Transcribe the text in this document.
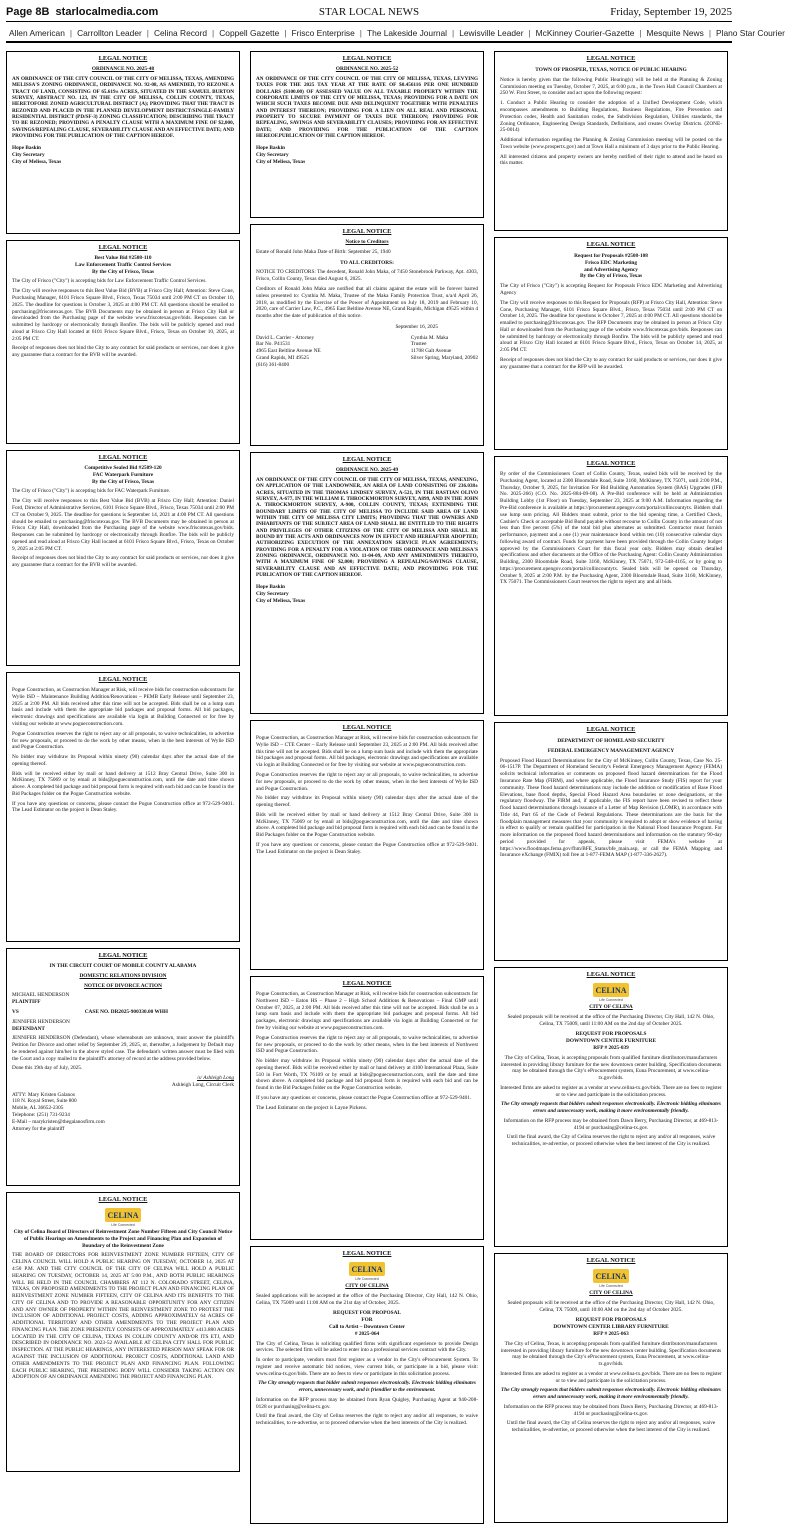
Page 8B starlocalmedia.com	STAR LOCAL NEWS	Friday, September 19, 2025
Allen American | Carrollton Leader | Celina Record | Coppell Gazette | Frisco Enterprise | The Lakeside Journal | Lewisville Leader | McKinney Courier-Gazette | Mesquite News | Plano Star Courier
LEGAL NOTICE
ORDINANCE NO. 2025-48
AN ORDINANCE OF THE CITY COUNCIL OF THE CITY OF MELISSA, TEXAS, AMENDING MELISSA'S ZONING ORDINANCE, ORDINANCE NO. 92-08, AS AMENDED, TO REZONE A TRACT OF LAND, CONSISTING OF 65.619± ACRES, SITUATED IN THE SAMUEL BURTON SURVEY, ABSTRACT NO. 123, IN THE CITY OF MELISSA, COLLIN COUNTY, TEXAS, HERETOFORE ZONED AGRICULTURAL DISTRICT (A); PROVIDING THAT THE TRACT IS REZONED AND PLACED IN THE PLANNED DEVELOPMENT DISTRICT/SINGLE-FAMILY RESIDENTIAL DISTRICT (PD/SF-3) ZONING CLASSIFICATION; DESCRIBING THE TRACT TO BE REZONED; PROVIDING A PENALTY CLAUSE WITH A MAXIMUM FINE OF $2,000, SAVINGS/REPEALING CLAUSE, SEVERABILITY CLAUSE AND AN EFFECTIVE DATE; AND PROVIDING FOR THE PUBLICATION OF THE CAPTION HEREOF.
Hope Baskin
City Secretary
City of Melissa, Texas
LEGAL NOTICE
Best Value Bid #2508-110
Law Enforcement Traffic Control Services
By the City of Frisco, Texas
The City of Frisco ("City") is accepting bids for Law Enforcement Traffic Control Services.
The City will receive responses to this Best Value Bid (BVB) at Frisco City Hall; Attention: Steve Cone, Purchasing Manager, 6101 Frisco Square Blvd., Frisco, Texas 75034 until 2:00 PM CT on October 10, 2025. The deadline for questions is October 3, 2025 at 4:00 PM CT. All questions should be emailed to purchasing@friscotexas.gov. The BVB Documents may be obtained in person at Frisco City Hall or downloaded from the Purchasing page of the website www.friscotexas.gov/bids. Responses can be submitted by hardcopy or electronically through Bonfire. The bids will be publicly opened and read aloud at Frisco City Hall located at 6101 Frisco Square Blvd., Frisco, Texas on October 10, 2025, at 2:05 PM CT.
Receipt of responses does not bind the City to any contract for said products or services, nor does it give any guarantee that a contract for the BVB will be awarded.
LEGAL NOTICE
Competitive Sealed Bid #2509-120
FAC Waterpark Furniture
By the City of Frisco, Texas
The City of Frisco ("City") is accepting bids for FAC Waterpark Furniture.
The City will receive responses to this Best Value Bid (BVB) at Frisco City Hall; Attention: Daniel Ford, Director of Administrative Services, 6101 Frisco Square Blvd., Frisco, Texas 75034 until 2:00 PM CT on October 9, 2025. The deadline for questions is September 14, 2021 at 4:00 PM CT. All questions should be emailed to purchasing@friscotexas.gov. The BVB Documents may be obtained in person at Frisco City Hall, downloaded from the Purchasing page of the website www.friscotexas.gov/bids. Responses can be submitted by hardcopy or electronically through Bonfire. The bids will be publicly opened and read aloud at Frisco City Hall located at 6101 Frisco Square Blvd., Frisco, Texas on October 9, 2025 at 2:05 PM CT.
Receipt of responses does not bind the City to any contract for said products or services, nor does it give any guarantee that a contract for the BVB will be awarded.
LEGAL NOTICE
Pogue Construction, as Construction Manager at Risk, will receive bids for construction subcontracts for Wylie ISD – Maintenance Building Addition/Renovations – PEMB Early Release until September 23, 2025 at 2:00 PM. All bids received after this time will not be accepted. Bids shall be on a lump sum basis and include with them the appropriate bid packages and proposal forms. All bid packages, electronic drawings and specifications are available via login at Building Connected or for free by visiting our website at www.pogueconstruction.com.
Pogue Construction reserves the right to reject any or all proposals, to waive technicalities, to advertise for new proposals, or proceed to do the work by other means, when in the best interests of Wylie ISD and Pogue Construction.
No bidder may withdraw its Proposal within ninety (90) calendar days after the actual date of the opening thereof.
Bids will be received either by mail or hand delivery at 1512 Bray Central Drive, Suite 300 in McKinney, TX 75069 or by email at bids@pogueconstruction.com, until the date and time shown above. A completed bid package and bid proposal form is required with each bid and can be found in the Bid Packages folder on the Pogue Construction website.
If you have any questions or concerns, please contact the Pogue Construction office at 972-529-9401. The Lead Estimator on the project is Dean Staley.
LEGAL NOTICE
IN THE CIRCUIT COURT OF MOBILE COUNTY ALABAMA
DOMESTIC RELATIONS DIVISION
NOTICE OF DIVORCE ACTION
MICHAEL HENDERSON
PLAINTIFF
VS	CASE NO. DR2025-900330.00 WHH
JENNIFER HENDERSON
DEFENDANT
JENNIFER HENDERSON (Defendant), whose whereabouts are unknown, must answer the plaintiff's Petition for Divorce and other relief by September 29, 2025, or, thereafter, a Judgement by Default may be rendered against him/her in the above styled case. The defendant's written answer must be filed with the Court and a copy mailed to the plaintiff's attorney of record at the address provided below.
Done this 19th day of July, 2025.
/s/ Ashleigh Long
Ashleigh Long, Circuit Clerk
ATTY: Mary Kristen Galanos
118 N. Royal Street, Suite 800
Mobile, AL 36652-2305
Telephone: (251) 731-9234
E-Mail – marykristen@thegalanosfirm.com
Attorney for the plaintiff
LEGAL NOTICE
CELINA
Life Connected
City of Celina Board of Directors of Reinvestment Zone Number Fifteen and City Council Notice of Public Hearings on Amendments to the Project and Financing Plan and Expansion of Boundary of the Reinvestment Zone
THE BOARD OF DIRECTORS FOR REINVESTMENT ZONE NUMBER FIFTEEN, CITY OF CELINA COUNCIL WILL HOLD A PUBLIC HEARING ON TUESDAY, OCTOBER 14, 2025 AT 4:50 P.M. AND THE CITY COUNCIL OF THE CITY OF CELINA WILL HOLD A PUBLIC HEARING ON TUESDAY, OCTOBER 14, 2025 AT 5:00 P.M., AND BOTH PUBLIC HEARINGS WILL BE HELD IN THE COUNCIL CHAMBERS AT 112 N. COLORADO STREET, CELINA, TEXAS, ON PROPOSED AMENDMENTS TO THE PROJECT PLAN AND FINANCING PLAN OF REINVESTMENT ZONE NUMBER FIFTEEN, CITY OF CELINA AND ITS BENEFITS TO THE CITY OF CELINA AND TO PROVIDE A REASONABLE OPPORTUNITY FOR ANY CITIZEN AND ANY OWNER OF PROPERTY WITHIN THE REINVESTMENT ZONE TO PROTEST THE INCLUSION OF ADDITIONAL PROJECT COSTS, ADDING APPROXIMATELY 64 ACRES OF ADDITIONAL TERRITORY AND OTHER AMENDMENTS TO THE PROJECT PLAN AND FINANCING PLAN. THE ZONE PRESENTLY CONSISTS OF APPROXIMATELY ±413.880 ACRES LOCATED IN THE CITY OF CELINA, TEXAS IN COLLIN COUNTY AND/OR ITS ETJ, AND DESCRIBED IN ORDINANCE NO. 2023-52 AVAILABLE AT CELINA CITY HALL FOR PUBLIC INSPECTION. AT THE PUBLIC HEARINGS, ANY INTERESTED PERSON MAY SPEAK FOR OR AGAINST THE INCLUSION OF ADDITIONAL PROJECT COSTS, ADDITIONAL LAND AND OTHER AMENDMENTS TO THE PROJECT PLAN AND FINANCING PLAN. FOLLOWING EACH PUBLIC HEARING, THE PRESIDING BODY WILL CONSIDER TAKING ACTION ON ADOPTION OF AN ORDINANCE AMENDING THE PROJECT AND FINANCING PLAN.
LEGAL NOTICE
ORDINANCE NO. 2025-52
AN ORDINANCE OF THE CITY COUNCIL OF THE CITY OF MELISSA, TEXAS, LEVYING TAXES FOR THE 2025 TAX YEAR AT THE RATE OF $0.456116 PER ONE HUNDRED DOLLARS ($100.00) OF ASSESSED VALUE ON ALL TAXABLE PROPERTY WITHIN THE CORPORATE LIMITS OF THE CITY OF MELISSA, TEXAS; PROVIDING FOR A DATE ON WHICH SUCH TAXES BECOME DUE AND DELINQUENT TOGETHER WITH PENALTIES AND INTEREST THEREON; PROVIDING FOR A LIEN ON ALL REAL AND PERSONAL PROPERTY TO SECURE PAYMENT OF TAXES DUE THEREON; PROVIDING FOR REPEALING, SAVINGS AND SEVERABILITY CLAUSES; PROVIDING FOR AN EFFECTIVE DATE; AND PROVIDING FOR THE PUBLICATION OF THE CAPTION HEREOF.PUBLICATION OF THE CAPTION HEREOF.
Hope Baskin
City Secretary
City of Melissa, Texas
LEGAL NOTICE
Notice to Creditors
Estate of Ronald John Maka Date of Birth: September 25, 1940
TO ALL CREDITORS:
NOTICE TO CREDITORS: The decedent, Ronald John Maka, of 7450 Stonebrook Parkway, Apt. 4303, Frisco, Collin County, Texas died August 6, 2025.
Creditors of Ronald John Maka are notified that all claims against the estate will be forever barred unless presented to: Cynthia M. Maka, Trustee of the Maka Family Protection Trust, u/a/d April 26, 2018, as modified by the Exercise of the Power of Appointment on July 18, 2019 and February 10, 2020, care of Carrier Law, P.C., 4965 East Beltline Avenue NE, Grand Rapids, Michigan 49525 within 4 months after the date of publication of this notice.
September 16, 2025
David L. Carrier - Attorney
Bar No. P41531
4965 East Beltline Avenue NE
Grand Rapids, MI 49525
(616) 361-8400
Cynthia M. Maka
Trustee
11708 Galt Avenue
Silver Spring, Maryland, 20902
LEGAL NOTICE
ORDINANCE NO. 2025-49
AN ORDINANCE OF THE CITY COUNCIL OF THE CITY OF MELISSA, TEXAS, ANNEXING, ON APPLICATION OF THE LANDOWNER, AN AREA OF LAND CONSISTING OF 236.038± ACRES, SITUATED IN THE THOMAS LINDSEY SURVEY, A-521, IN THE BASTIAN OLIVO SURVEY, A-677, IN THE WILLIAM E. THROCKMORTON SURVEY, A899, AND IN THE JOHN A. THROCKMORTON SURVEY, A-900, COLLIN COUNTY, TEXAS; EXTENDING THE BOUNDARY LIMITS OF THE CITY OF MELISSA TO INCLUDE SAID AREA OF LAND WITHIN THE CITY OF MELISSA CITY LIMITS; PROVIDING THAT THE OWNERS AND INHABITANTS OF THE SUBJECT AREA OF LAND SHALL BE ENTITLED TO THE RIGHTS AND PRIVILEGES OF OTHER CITIZENS OF THE CITY OF MELISSA AND SHALL BE BOUND BY THE ACTS AND ORDINANCES NOW IN EFFECT AND HEREAFTER ADOPTED; AUTHORIZING EXECUTION OF THE ANNEXATION SERVICE PLAN AGREEMENTS; PROVIDING FOR A PENALTY FOR A VIOLATION OF THIS ORDINANCE AND MELISSA'S ZONING ORDINANCE, ORDINANCE NO. 11-04-09, AND ANY AMENDMENTS THERETO, WITH A MAXIMUM FINE OF $2,000; PROVIDING A REPEALING/SAVINGS CLAUSE, SEVERABILITY CLAUSE AND AN EFFECTIVE DATE; AND PROVIDING FOR THE PUBLICATION OF THE CAPTION HEREOF.
Hope Baskin
City Secretary
City of Melissa, Texas
LEGAL NOTICE
Pogue Construction, as Construction Manager at Risk, will receive bids for construction subcontracts for Wylie ISD – CTE Center – Early Release until September 23, 2025 at 2:00 PM. All bids received after this time will not be accepted. Bids shall be on a lump sum basis and include with them the appropriate bid packages and proposal forms. All bid packages, electronic drawings and specifications are available via login at Building Connected or for free by visiting our website at www.pogueconstruction.com.
Pogue Construction reserves the right to reject any or all proposals, to waive technicalities, to advertise for new proposals, or proceed to do the work by other means, when in the best interests of Wylie ISD and Pogue Construction.
No bidder may withdraw its Proposal within ninety (90) calendar days after the actual date of the opening thereof.
Bids will be received either by mail or hand delivery at 1512 Bray Central Drive, Suite 300 in McKinney, TX 75069 or by email at bids@pogueconstruction.com, until the date and time shown above. A completed bid package and bid proposal form is required with each bid and can be found in the Bid Packages folder on the Pogue Construction website.
If you have any questions or concerns, please contact the Pogue Construction office at 972-529-9401. The Lead Estimator on the project is Dean Staley.
LEGAL NOTICE
Pogue Construction, as Construction Manager at Risk, will receive bids for construction subcontracts for Northwest ISD – Eaton HS – Phase 2 – High School Additions & Renovations – Final GMP until October 07, 2025, at 2:00 PM. All bids received after this time will not be accepted. Bids shall be on a lump sum basis and include with them the appropriate bid packages and proposal forms. All bid packages, electronic drawings and specifications are available via login at Building Connected or for free by visiting our website at www.pogueconstruction.com.
Pogue Construction reserves the right to reject any or all proposals, to waive technicalities, to advertise for new proposals, or proceed to do the work by other means, when in the best interests of Northwest ISD and Pogue Construction.
No bidder may withdraw its Proposal within ninety (90) calendar days after the actual date of the opening thereof. Bids will be received either by mail or hand delivery at 4100 International Plaza, Suite 510 in Fort Worth, TX 76109 or by email at bids@pogueconstruction.com, until the date and time shown above. A completed bid package and bid proposal form is required with each bid and can be found in the Bid Packages folder on the Pogue Construction website.
If you have any questions or concerns, please contact the Pogue Construction office at 972-529-9401.
The Lead Estimator on the project is Layne Pickens.
LEGAL NOTICE
CELINA
Life Connected
CITY OF CELINA
Sealed applications will be accepted at the office of the Purchasing Director, City Hall, 142 N. Ohio, Celina, TX 75009 until 11:00 AM on the 21st day of October, 2025.
REQUEST FOR PROPOSAL
FOR
Call to Artist – Downtown Center
# 2025-064
The City of Celina, Texas is soliciting qualified firms with significant experience to provide Design services. The selected firm will be asked to enter into a professional services contract with the City.
In order to participate, vendors must first register as a vendor in the City's eProcurement System. To register and receive automatic bid notices, view current bids, or participate in a bid, please visit: www.celina-tx.gov/bids. There are no fees to view or participate in this solicitation process.
The City strongly requests that bidder submit responses electronically. Electronic bidding eliminates errors, unnecessary work, and is friendlier to the environment.
Information on the RFP process may be obtained from Ryan Quigley, Purchasing Agent at 940-208-0128 or purchasing@celina-tx.gov.
Until the final award, the City of Celina reserves the right to reject any and/or all responses, to waive technicalities, to re-advertise, or to proceed otherwise when the best interests of the City is realized.
LEGAL NOTICE
TOWN OF PROSPER, TEXAS, NOTICE OF PUBLIC HEARING
Notice is hereby given that the following Public Hearing(s) will be held at the Planning & Zoning Commission meeting on Tuesday, October 7, 2025, at 6:00 p.m., in the Town Hall Council Chambers at 250 W. First Street, to consider and act upon the following request:
1. Conduct a Public Hearing to consider the adoption of a Unified Development Code, which encompasses amendments to Building Regulations, Business Regulations, Fire Prevention and Protection codes, Health and Sanitation codes, the Subdivision Regulation, Utilities standards, the Zoning Ordinance, Engineering Design Standards, Definitions, and creates Overlay Districts. (ZONE-25-0014)
Additional information regarding the Planning & Zoning Commission meeting will be posted on the Town website (www.prospertx.gov) and at Town Hall a minimum of 3 days prior to the Public Hearing.
All interested citizens and property owners are hereby notified of their right to attend and be heard on this matter.
LEGAL NOTICE
Request for Proposals #2508-108
Frisco EDC Marketing
and Advertising Agency
By the City of Frisco, Texas
The City of Frisco ("City") is accepting Request for Proposals Frisco EDC Marketing and Advertising Agency
The City will receive responses to this Request for Proposals (RFP) at Frisco City Hall, Attention: Steve Cone, Purchasing Manager, 6101 Frisco Square Blvd., Frisco, Texas 75034 until 2:00 PM CT on October 14, 2025. The deadline for questions is October 7, 2025 at 4:00 PM CT. All questions should be emailed to purchasing@friscotexas.gov. The RFP Documents may be obtained in person at Frisco City Hall or downloaded from the Purchasing page of the website www.friscotexas.gov/bids. Responses can be submitted by hardcopy or electronically through Bonfire. The bids will be publicly opened and read aloud at Frisco City Hall located at 6101 Frisco Square Blvd., Frisco, Texas on October 14, 2025, at 2:05 PM CT.
Receipt of responses does not bind the City to any contract for said products or services, nor does it give any guarantee that a contract for the RFP will be awarded.
LEGAL NOTICE
By order of the Commissioners Court of Collin County, Texas, sealed bids will be received by the Purchasing Agent, located at 2300 Bloomdale Road, Suite 3160, McKinney, TX 75071, until 2:00 P.M., Thursday, October 9, 2025, for Invitation For Bid Building Automation System (BAS) Upgrades (IFB No. 2025-266) (C.O. No. 2025-884-09-08). A Pre-Bid conference will be held at Administration Building Lobby (1st Floor) on Tuesday, September 23, 2025 at 9:00 A.M. Information regarding the Pre-Bid conference is available at https://procurement.opengov.com/portal/collincountytx. Bidders shall use lump sum pricing. All Bidders must submit, prior to the bid opening time, a Certified Check, Cashier's Check or acceptable Bid Bond payable without recourse to Collin County in the amount of not less than five percent (5%) of the total bid plus alternates as submitted. Contractor must furnish performance, payment and a one (1) year maintenance bond within ten (10) consecutive calendar days following award of contract. Funds for payment have been provided through the Collin County budget approved by the Commissioners Court for this fiscal year only. Bidders may obtain detailed specifications and other documents at the Office of the Purchasing Agent: Collin County Administration Building, 2300 Bloomdale Road, Suite 3160, McKinney, TX 75071, 972-548-4165, or by going to https://procurement.opengov.com/portal/collincountytx. Sealed bids will be opened on Thursday, October 9, 2025 at 2:00 P.M. by the Purchasing Agent, 2300 Bloomdale Road, Suite 3160, McKinney, TX 75071. The Commissioners Court reserves the right to reject any and all bids.
LEGAL NOTICE
DEPARTMENT OF HOMELAND SECURITY
FEDERAL EMERGENCY MANAGEMENT AGENCY
Proposed Flood Hazard Determinations for the City of McKinney, Collin County, Texas, Case No. 25-06-1517P. The Department of Homeland Security's Federal Emergency Management Agency (FEMA) solicits technical information or comments on proposed flood hazard determinations for the Flood Insurance Rate Map (FIRM), and where applicable, the Flood Insurance Study (FIS) report for your community. These flood hazard determinations may include the addition or modification of Base Flood Elevations, base flood depths, Special Flood Hazard Area boundaries or zone designations, or the regulatory floodway. The FIRM and, if applicable, the FIS report have been revised to reflect these flood hazard determinations through issuance of a Letter of Map Revision (LOMR), in accordance with Title 44, Part 65 of the Code of Federal Regulations. These determinations are the basis for the floodplain management measures that your community is required to adopt or show evidence of having in effect to qualify or remain qualified for participation in the National Flood Insurance Program. For more information on the proposed flood hazard determinations and information on the statutory 90-day period provided for appeals, please visit FEMA's website at https://www.floodmaps.fema.gov/fhm/BFE_Status/bfe_main.asp, or call the FEMA Mapping and Insurance eXchange (FMIX) toll free at 1-877-FEMA MAP (1-877-336-2627).
LEGAL NOTICE
CELINA
Life Connected
CITY OF CELINA
Sealed proposals will be received at the office of the Purchasing Director, City Hall, 142 N. Ohio, Celina, TX 75009, until 11:00 AM on the 2nd day of October 2025.
REQUEST FOR PROPOSALS
DOWNTOWN CENTER FURNITURE
RFP # 2025-039
The City of Celina, Texas, is accepting proposals from qualified furniture distributors/manufacturers interested in providing library furniture for the new downtown center building. Specification documents may be obtained through the City's eProcurement system, Euna Procurement, at www.celina-tx.gov/bids.
Interested firms are asked to register as a vendor at www.celina-tx.gov/bids. There are no fees to register or to view and participate in the solicitation process.
The City strongly requests that bidders submit responses electronically. Electronic bidding eliminates errors and unnecessary work, making it more environmentally friendly.
Information on the RFP process may be obtained from Dawn Berry, Purchasing Director, at 469-813-4194 or purchasing@celina-tx.gov.
Until the final award, the City of Celina reserves the right to reject any and/or all responses, waive technicalities, re-advertise, or proceed otherwise when the best interest of the City is realized.
LEGAL NOTICE
CELINA
Life Connected
CITY OF CELINA
Sealed proposals will be received at the office of the Purchasing Director, City Hall, 142 N. Ohio, Celina, TX 75009, until 10:00 AM on the 2nd day of October 2025.
REQUEST FOR PROPOSALS
DOWNTOWN CENTER LIBRARY FURNITURE
RFP # 2025-063
The City of Celina, Texas, is accepting proposals from qualified furniture distributors/manufacturers interested in providing library furniture for the new downtown center building. Specification documents may be obtained through the City's eProcurement system, Euna Procurement, at www.celina-tx.gov/bids.
Interested firms are asked to register as a vendor at www.celina-tx.gov/bids. There are no fees to register or to view and participate in the solicitation process.
The City strongly requests that bidders submit responses electronically. Electronic bidding eliminates errors and unnecessary work, making it more environmentally friendly.
Information on the RFP process may be obtained from Dawn Berry, Purchasing Director, at 469-813-4194 or purchasing@celina-tx.gov.
Until the final award, the City of Celina reserves the right to reject any and/or all responses, waive technicalities, re-advertise, or proceed otherwise when the best interest of the City is realized.
